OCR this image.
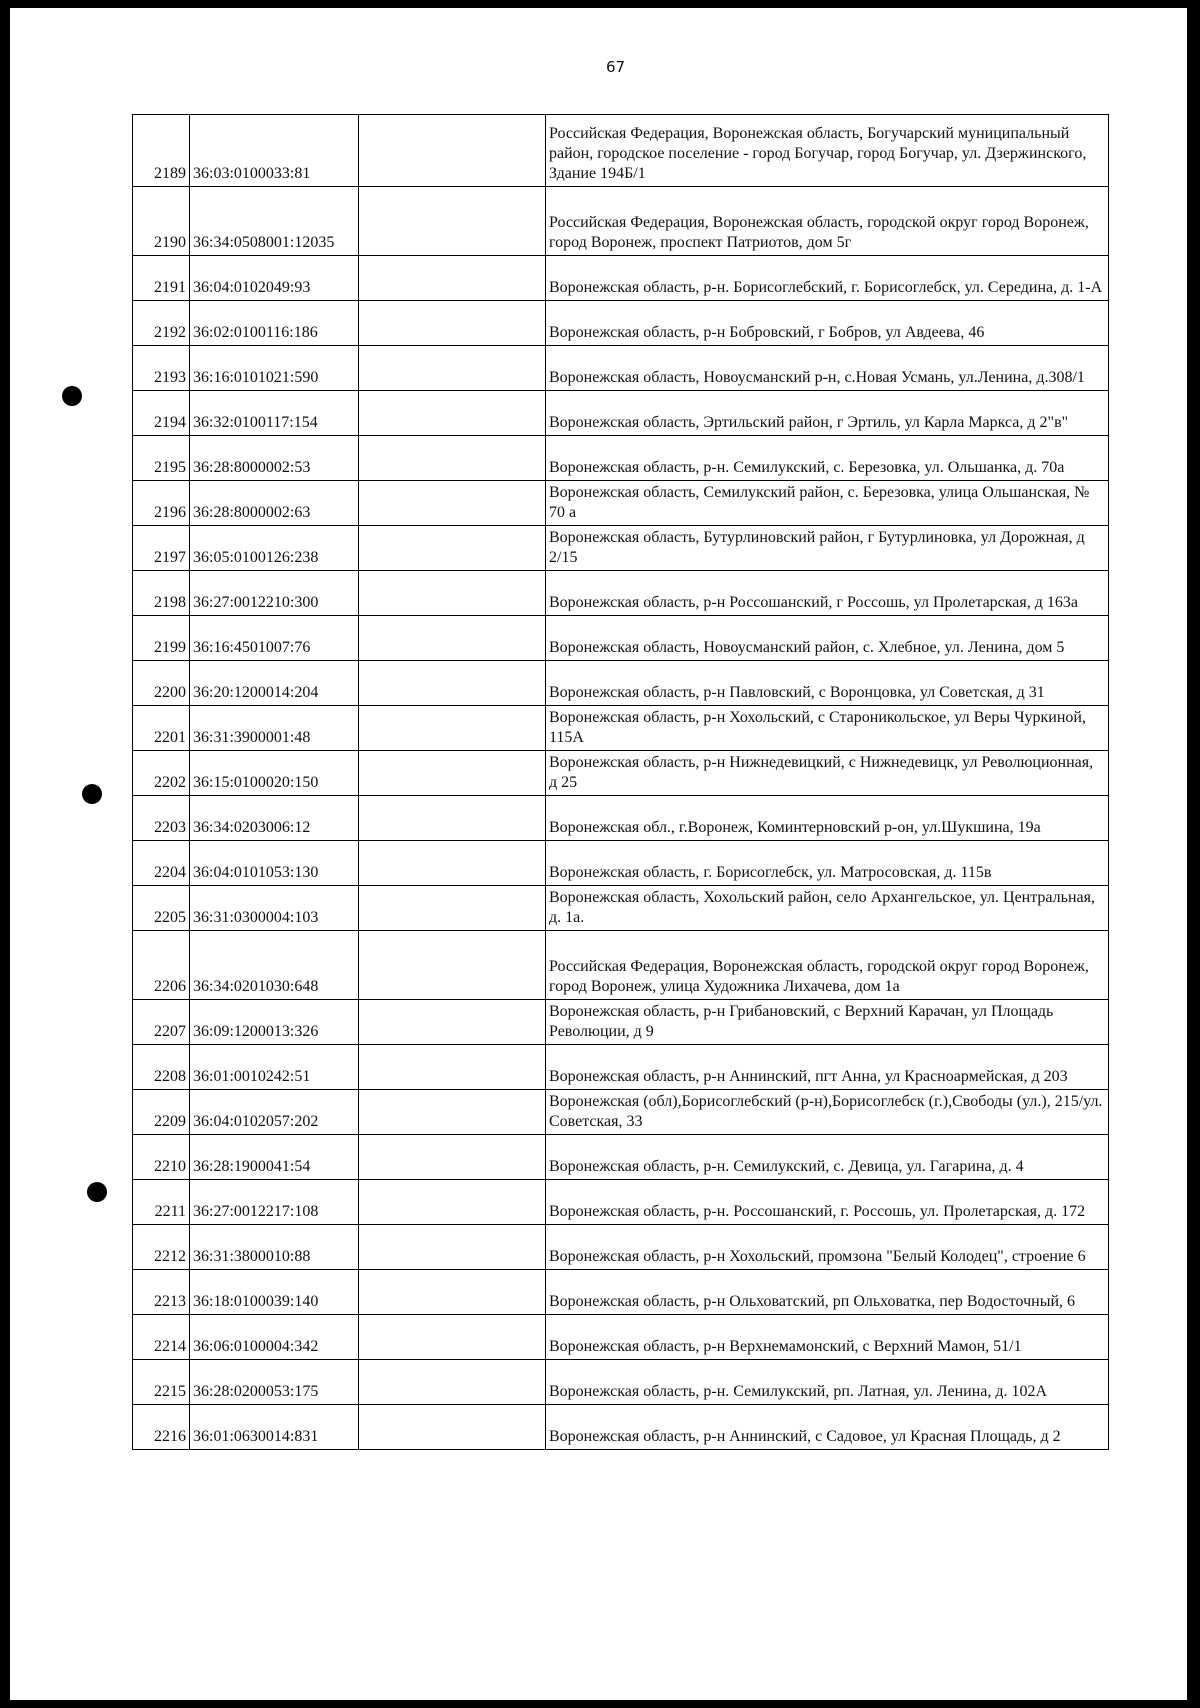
67
2189	36:03:0100033:81		Российская Федерация, Воронежская область, Богучарский муниципальный район, городское поселение - город Богучар, город Богучар, ул. Дзержинского, Здание 194Б/1
2190	36:34:0508001:12035		Российская Федерация, Воронежская область, городской округ город Воронеж, город Воронеж, проспект Патриотов, дом 5г
2191	36:04:0102049:93		Воронежская область, р-н. Борисоглебский, г. Борисоглебск, ул. Середина, д. 1-А
2192	36:02:0100116:186		Воронежская область, р-н Бобровский, г Бобров, ул Авдеева, 46
2193	36:16:0101021:590		Воронежская область, Новоусманский р-н, с.Новая Усмань, ул.Ленина, д.308/1
2194	36:32:0100117:154		Воронежская область, Эртильский район, г Эртиль, ул Карла Маркса, д 2"в"
2195	36:28:8000002:53		Воронежская область, р-н. Семилукский, с. Березовка, ул. Ольшанка, д. 70а
2196	36:28:8000002:63		Воронежская область, Семилукский район, с. Березовка, улица Ольшанская, № 70 а
2197	36:05:0100126:238		Воронежская область, Бутурлиновский район, г Бутурлиновка, ул Дорожная, д 2/15
2198	36:27:0012210:300		Воронежская область, р-н Россошанский, г Россошь, ул Пролетарская, д 163а
2199	36:16:4501007:76		Воронежская область, Новоусманский район, с. Хлебное, ул. Ленина, дом 5
2200	36:20:1200014:204		Воронежская область, р-н Павловский, с Воронцовка, ул Советская, д 31
2201	36:31:3900001:48		Воронежская область, р-н Хохольский, с Староникольское, ул Веры Чуркиной, 115А
2202	36:15:0100020:150		Воронежская область, р-н Нижнедевицкий, с Нижнедевицк, ул Революционная, д 25
2203	36:34:0203006:12		Воронежская обл., г.Воронеж, Коминтерновский р-он, ул.Шукшина, 19а
2204	36:04:0101053:130		Воронежская область, г. Борисоглебск, ул. Матросовская, д. 115в
2205	36:31:0300004:103		Воронежская область, Хохольский район, село Архангельское, ул. Центральная, д. 1а.
2206	36:34:0201030:648		Российская Федерация, Воронежская область, городской округ город Воронеж, город Воронеж, улица Художника Лихачева, дом 1а
2207	36:09:1200013:326		Воронежская область, р-н Грибановский, с Верхний Карачан, ул Площадь Революции, д 9
2208	36:01:0010242:51		Воронежская область, р-н Аннинский, пгт Анна, ул Красноармейская, д 203
2209	36:04:0102057:202		Воронежская (обл),Борисоглебский (р-н),Борисоглебск (г.),Свободы (ул.), 215/ул. Советская, 33
2210	36:28:1900041:54		Воронежская область, р-н. Семилукский, с. Девица, ул. Гагарина, д. 4
2211	36:27:0012217:108		Воронежская область, р-н. Россошанский, г. Россошь, ул. Пролетарская, д. 172
2212	36:31:3800010:88		Воронежская область, р-н Хохольский, промзона "Белый Колодец", строение 6
2213	36:18:0100039:140		Воронежская область, р-н Ольховатский, рп Ольховатка, пер Водосточный, 6
2214	36:06:0100004:342		Воронежская область, р-н Верхнемамонский, с Верхний Мамон, 51/1
2215	36:28:0200053:175		Воронежская область, р-н. Семилукский, рп. Латная, ул. Ленина, д. 102А
2216	36:01:0630014:831		Воронежская область, р-н Аннинский, с Садовое, ул Красная Площадь, д 2
